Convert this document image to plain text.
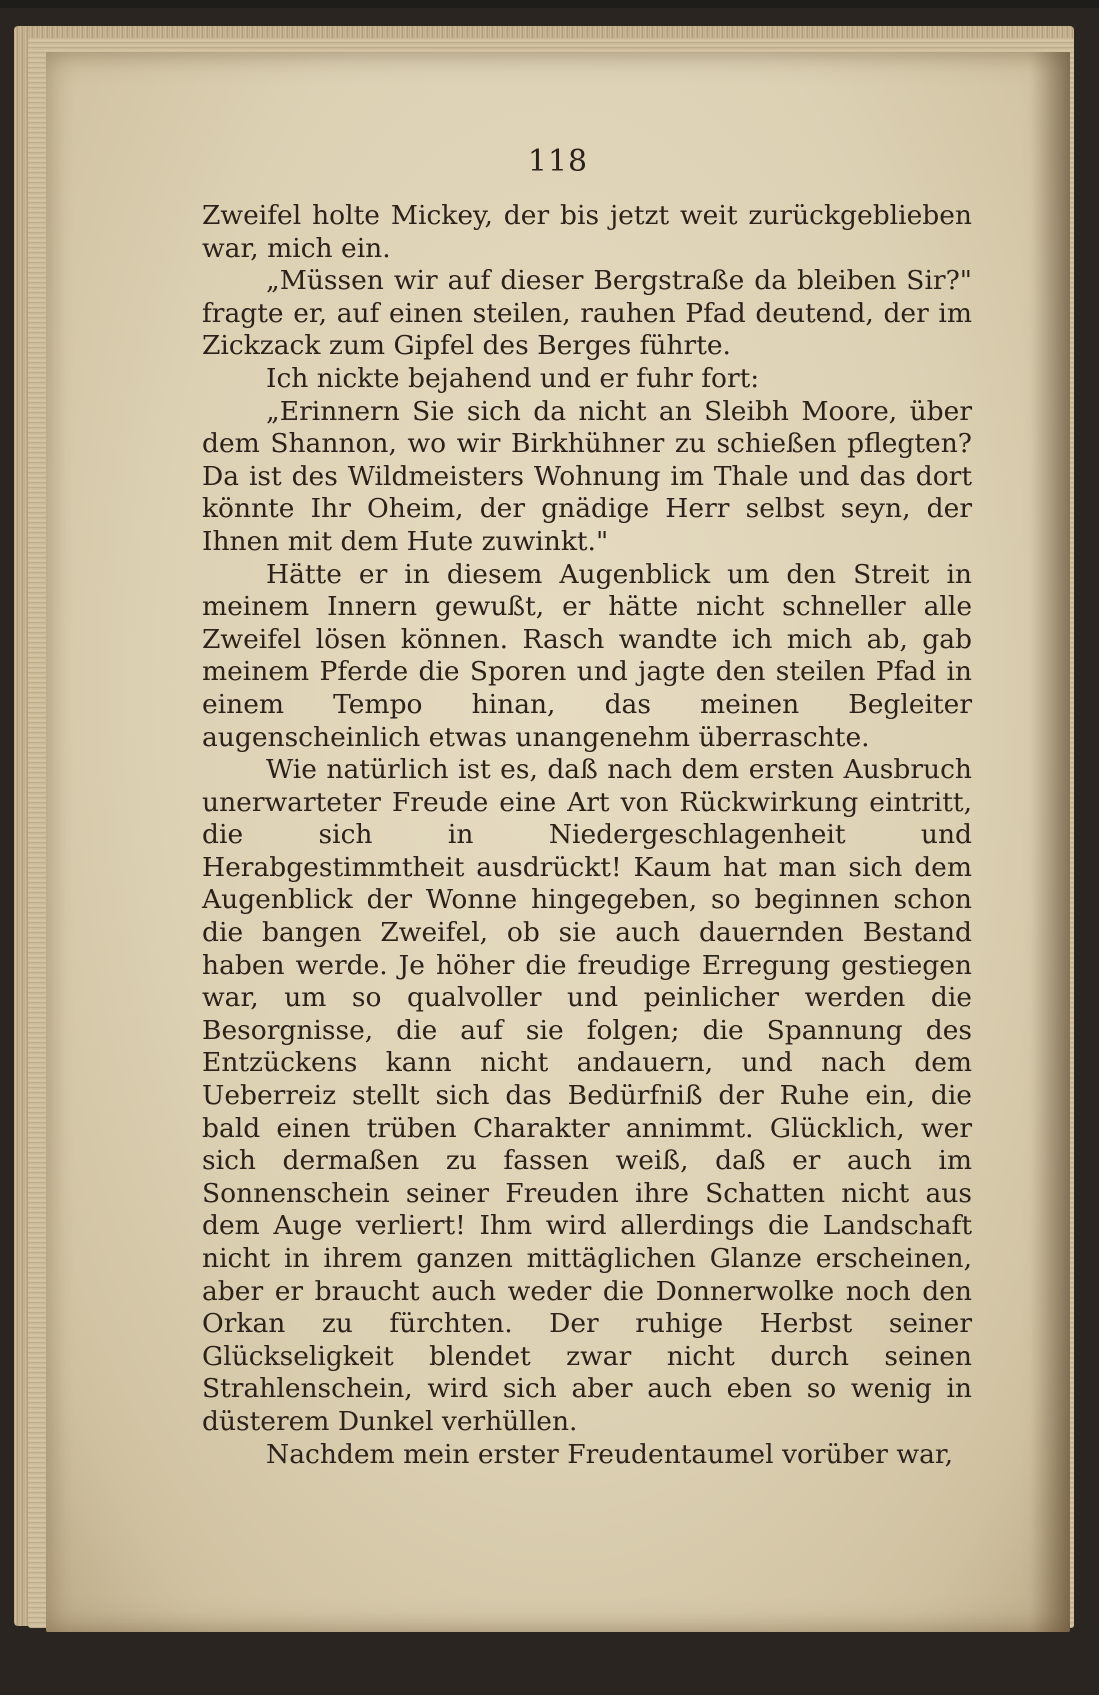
118

Zweifel holte Mickey, der bis jetzt weit zurückgeblieben war, mich ein.

„Müssen wir auf dieser Bergstraße da bleiben Sir?" fragte er, auf einen steilen, rauhen Pfad deutend, der im Zickzack zum Gipfel des Berges führte.

Ich nickte bejahend und er fuhr fort:

„Erinnern Sie sich da nicht an Sleibh Moore, über dem Shannon, wo wir Birkhühner zu schießen pflegten? Da ist des Wildmeisters Wohnung im Thale und das dort könnte Ihr Oheim, der gnädige Herr selbst seyn, der Ihnen mit dem Hute zuwinkt."

Hätte er in diesem Augenblick um den Streit in meinem Innern gewußt, er hätte nicht schneller alle Zweifel lösen können. Rasch wandte ich mich ab, gab meinem Pferde die Sporen und jagte den steilen Pfad in einem Tempo hinan, das meinen Begleiter augenscheinlich etwas unangenehm überraschte.

Wie natürlich ist es, daß nach dem ersten Ausbruch unerwarteter Freude eine Art von Rückwirkung eintritt, die sich in Niedergeschlagenheit und Herabgestimmtheit ausdrückt! Kaum hat man sich dem Augenblick der Wonne hingegeben, so beginnen schon die bangen Zweifel, ob sie auch dauernden Bestand haben werde. Je höher die freudige Erregung gestiegen war, um so qualvoller und peinlicher werden die Besorgnisse, die auf sie folgen; die Spannung des Entzückens kann nicht andauern, und nach dem Ueberreiz stellt sich das Bedürfniß der Ruhe ein, die bald einen trüben Charakter annimmt. Glücklich, wer sich dermaßen zu fassen weiß, daß er auch im Sonnenschein seiner Freuden ihre Schatten nicht aus dem Auge verliert! Ihm wird allerdings die Landschaft nicht in ihrem ganzen mittäglichen Glanze erscheinen, aber er braucht auch weder die Donnerwolke noch den Orkan zu fürchten. Der ruhige Herbst seiner Glückseligkeit blendet zwar nicht durch seinen Strahlenschein, wird sich aber auch eben so wenig in düsterem Dunkel verhüllen.

Nachdem mein erster Freudentaumel vorüber war,
